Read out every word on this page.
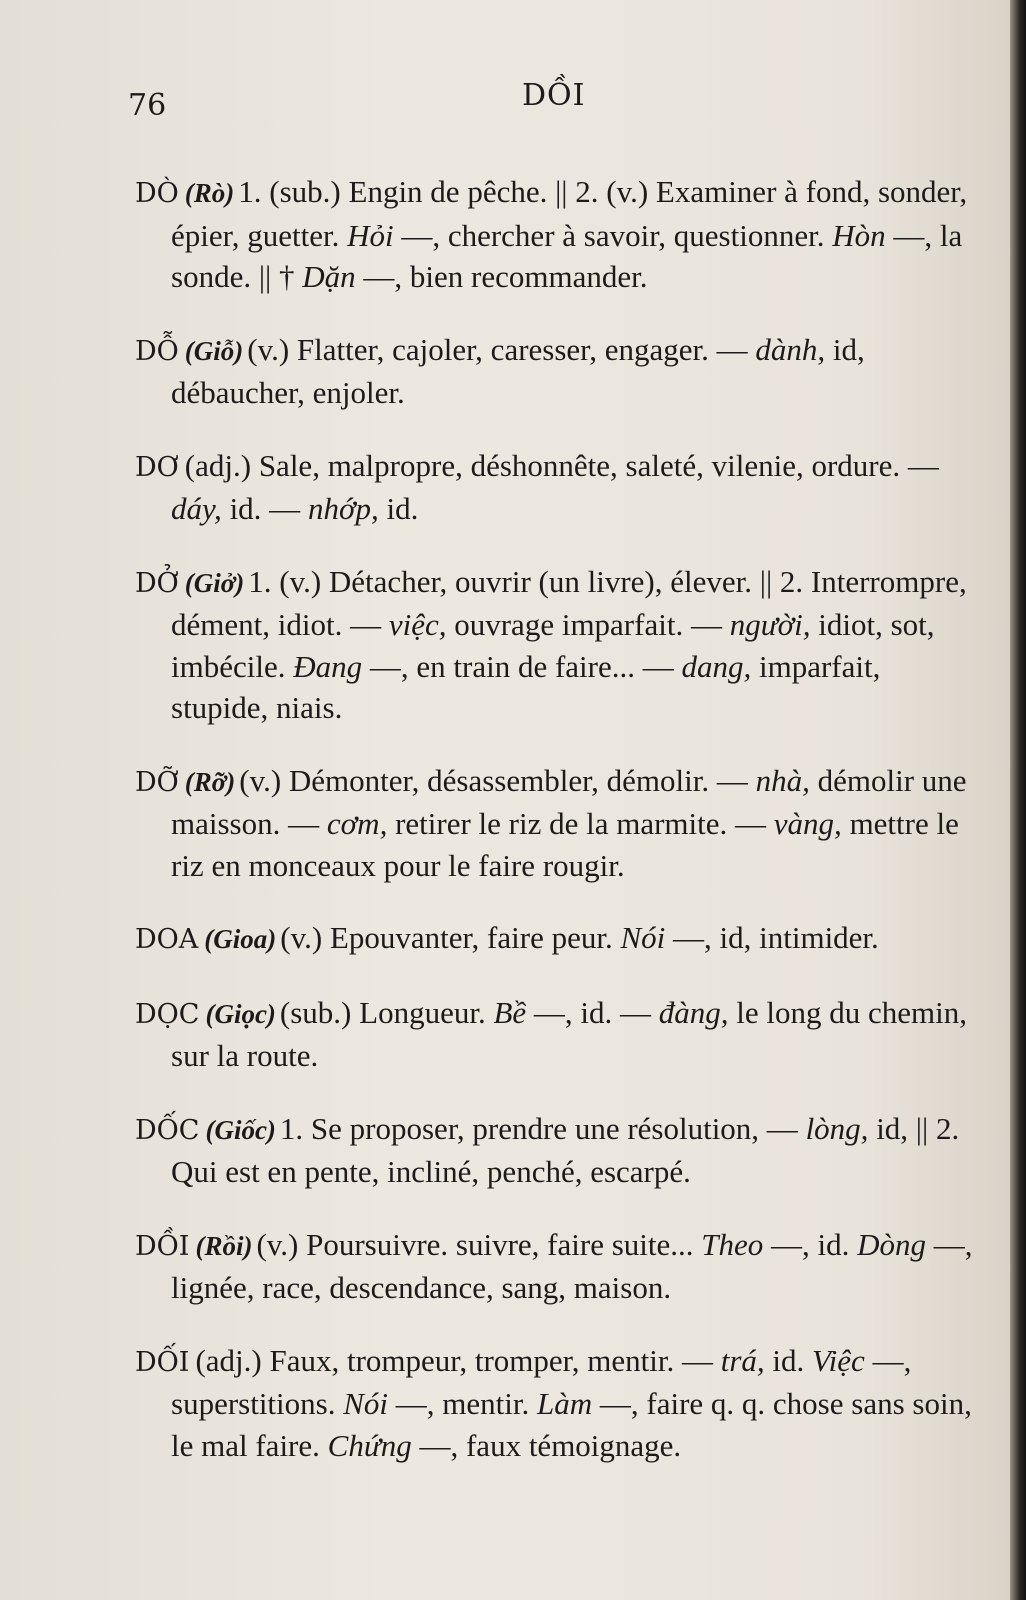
76	DỒI

DÒ (Rò) 1. (sub.) Engin de pêche. || 2. (v.) Examiner à fond, sonder, épier, guetter. Hỏi —, chercher à savoir, questionner. Hòn —, la sonde. || † Dặn —, bien recommander.

DỖ (Giỗ) (v.) Flatter, cajoler, caresser, engager. — dành, id, débaucher, enjoler.

DƠ (adj.) Sale, malpropre, déshonnête, saleté, vilenie, ordure. — dáy, id. — nhớp, id.

DỞ (Giở) 1. (v.) Détacher, ouvrir (un livre), élever. || 2. Interrompre, dément, idiot. — việc, ouvrage imparfait. — người, idiot, sot, imbécile. Đang —, en train de faire... — dang, imparfait, stupide, niais.

DỠ (Rỡ) (v.) Démonter, désassembler, démolir. — nhà, démolir une maisson. — cơm, retirer le riz de la marmite. — vàng, mettre le riz en monceaux pour le faire rougir.

DOA (Gioa) (v.) Epouvanter, faire peur. Nói —, id, intimider.

DỌC (Giọc) (sub.) Longueur. Bề —, id. — đàng, le long du chemin, sur la route.

DỐC (Giốc) 1. Se proposer, prendre une résolution, — lòng, id, || 2. Qui est en pente, incliné, penché, escarpé.

DỒI (Rồi) (v.) Poursuivre. suivre, faire suite... Theo —, id. Dòng —, lignée, race, descendance, sang, maison.

DỐI (adj.) Faux, trompeur, tromper, mentir. — trá, id. Việc —, superstitions. Nói —, mentir. Làm —, faire q. q. chose sans soin, le mal faire. Chứng —, faux témoignage.
